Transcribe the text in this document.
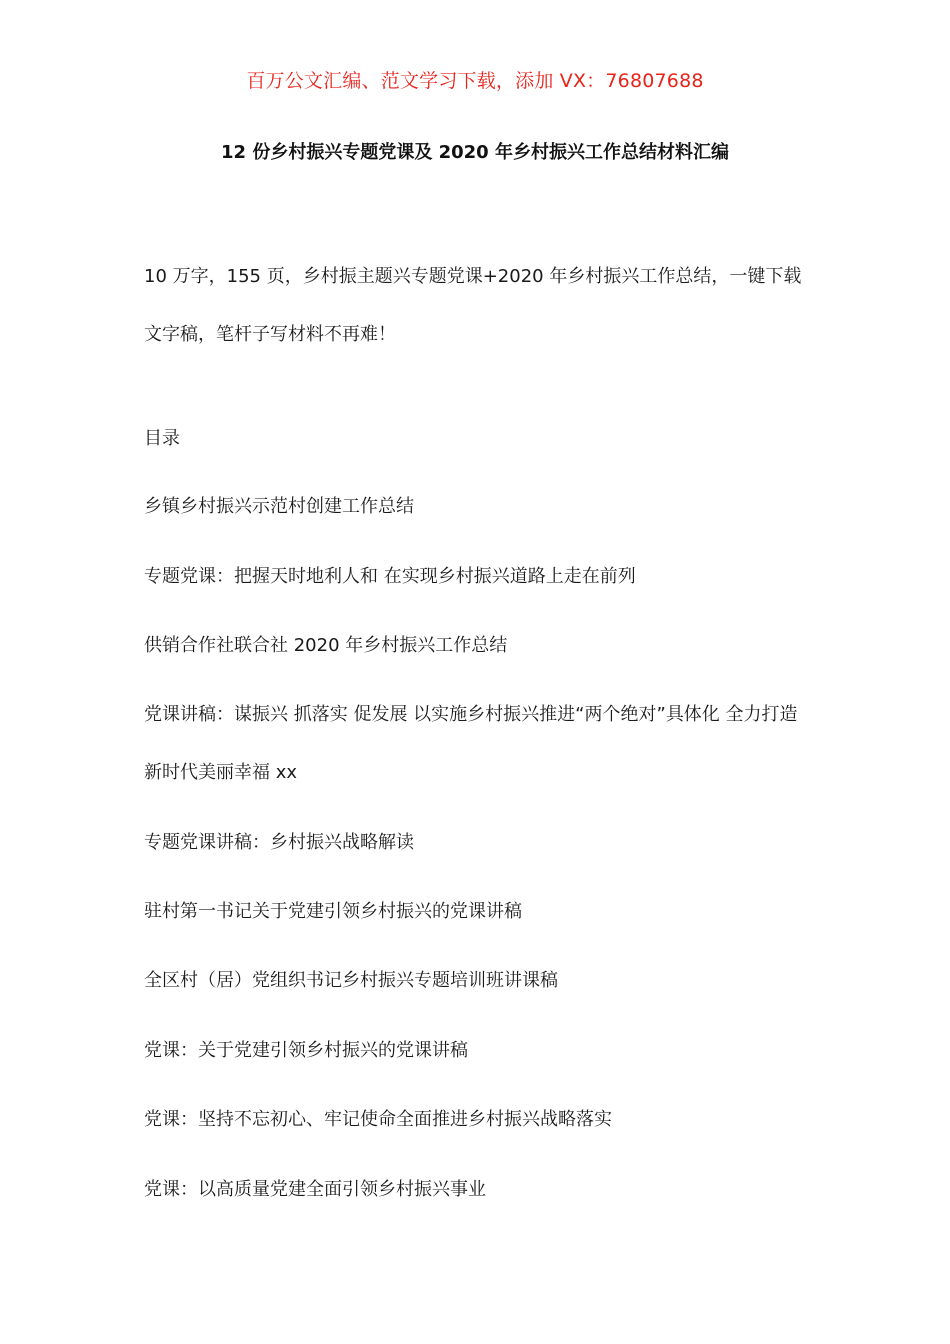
百万公文汇编、范文学习下载，添加 VX：76807688
12 份乡村振兴专题党课及 2020 年乡村振兴工作总结材料汇编
10 万字，155 页，乡村振主题兴专题党课+2020 年乡村振兴工作总结，一键下载文字稿，笔杆子写材料不再难！
目录
乡镇乡村振兴示范村创建工作总结
专题党课：把握天时地利人和 在实现乡村振兴道路上走在前列
供销合作社联合社 2020 年乡村振兴工作总结
党课讲稿：谋振兴 抓落实 促发展 以实施乡村振兴推进“两个绝对”具体化 全力打造新时代美丽幸福 xx
专题党课讲稿：乡村振兴战略解读
驻村第一书记关于党建引领乡村振兴的党课讲稿
全区村（居）党组织书记乡村振兴专题培训班讲课稿
党课：关于党建引领乡村振兴的党课讲稿
党课：坚持不忘初心、牢记使命全面推进乡村振兴战略落实
党课：以高质量党建全面引领乡村振兴事业
